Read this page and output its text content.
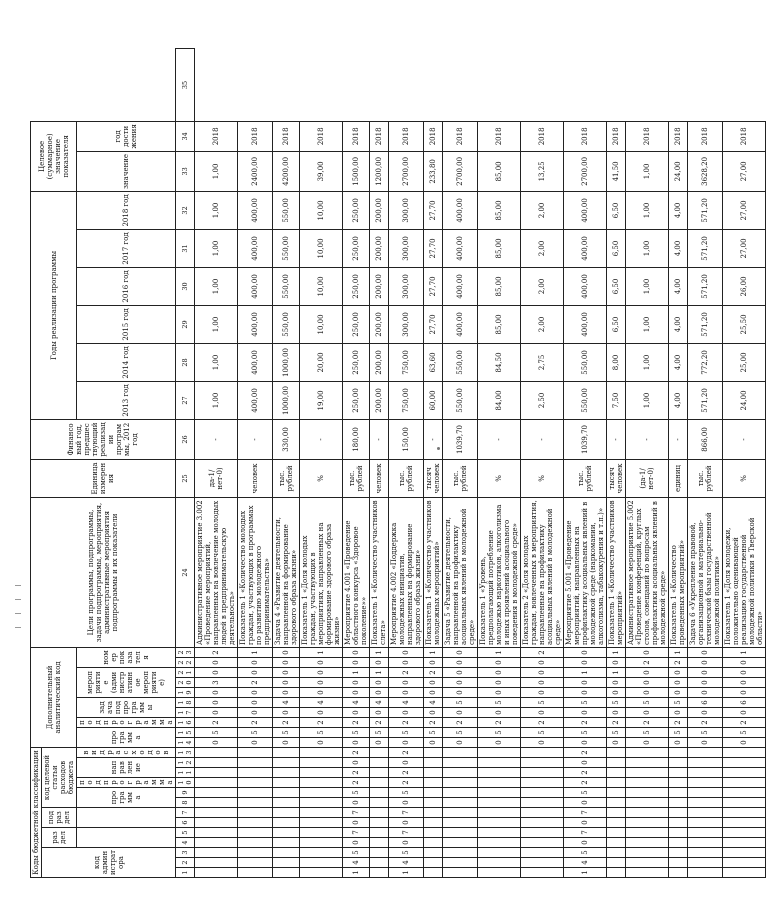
Коды бюджетной классификации													Дополнительный аналитический код										Цели программы, подпрограммы, задачи подпрограммы, мероприятия, административные мероприятия подпрограммы и их показатели	Единица измерения	Финансовый год, предшествующий реализации программы, 2012 год	Годы реализации программы						Целевое (суммарное) значение показателя		
код администратора			раздел		подраздел		код целевой статьи расходов бюджета																											
							программа		подпрограмма	направление		вид расходов	программа		подпрограмма	задача подпрограммы		мероприятие (административное мероприятие)			номер показателя					2013 год	2014 год	2015 год	2016 год	2017 год	2018 год	значение	год достижения	
1	2	3	4	5	6	7	8	9	10	11	12	13	14	15	16	17	18	19	20	21	22	23	24	25	26	27	28	29	30	31	32	33	34	35
													0	5	2	0	0	0	3	0	0	2	Административное мероприятие 3.002 «Проведение мероприятий, направленных на вовлечение молодых людей в предпринимательскую деятельность»	да-1/нет-0)	-	1,00	1,00	1,00	1,00	1,00	1,00	1,00	2018	
													0	5	2	0	0	0	2	0	0	1	Показатель 1 «Количество молодых граждан, участвующих в программах по развитию молодежного предпринимательства»	человек	-	400,00	400,00	400,00	400,00	400,00	400,00	2400,00	2018	
													0	5	2	0	4	0	0	0	0	0	Задача 4 «Развитие деятельности, направленной на формирование здорового образа жизни»	тыс. рублей	330,00	1000,00	1000,00	550,00	550,00	550,00	550,00	4200,00	2018	
													0	5	2	0	4	0	0	0	0	1	Показатель 1 «Доля молодых граждан, участвующих в мероприятиях, направленных на формирование здорового образа жизни»	%	-	19,00	20,00	10,00	10,00	10,00	10,00	39,00	2018	
1	4	5	0	7	0	7	0	5	2	2	0	2	0	5	2	0	4	0	0	1	0	0	Мероприятие 4.001 «Проведение областного конкурса «Здоровое поколение»»	тыс. рублей	180,00	250,00	250,00	250,00	250,00	250,00	250,00	1500,00	2018	
													0	5	2	0	4	0	0	1	0	1	Показатель 1 «Количество участников слета»	человек	-	200,00	200,00	200,00	200,00	200,00	200,00	1200,00	2018	
1	4	5	0	7	0	7	0	5	2	2	0	2	0	5	2	0	4	0	0	2	0	0	Мероприятие 4.002 «Поддержка молодежных инициатив, направленных на формирование здорового образа жизни»	тыс. рублей	150,00	750,00	750,00	300,00	300,00	300,00	300,00	2700,00	2018	
													0	5	2	0	4	0	0	2	0	1	Показатель 1 «Количество участников молодежных мероприятий»	тысяч человек	-	60,00	63,60	27,70	27,70	27,70	27,70	233,80	2018	
													0	5	2	0	5	0	0	0	0	0	Задача 5 «Развитие деятельности, направленной на профилактику асоциальных явлений в молодежной среде»	тыс. рублей	1039,70	550,00	550,00	400,00	400,00	400,00	400,00	2700,00	2018	
													0	5	2	0	5	0	0	0	0	1	Показатель 1 «Уровень, предполагающий потребление молодежью наркотиков, алкоголизма и иных проявлений асоциального поведения в молодежной среде»	%	-	84,00	84,50	85,00	85,00	85,00	85,00	85,00	2018	
													0	5	2	0	5	0	0	0	0	2	Показатель 2 «Доля молодых граждан, вовлеченных в мероприятия, направленные на профилактику асоциальных явлений в молодежной среде»	%	-	2,50	2,75	2,00	2,00	2,00	2,00	13,25	2018	
1	4	5	0	7	0	7	0	5	2	2	0	2	0	5	2	0	5	0	0	1	0	0	Мероприятие 5.001 «Проведение мероприятий, направленных на профилактику асоциальных явлений в молодежной среде (наркомании, алкоголизма, табакокурения и т.п.)»	тыс. рублей	1039,70	550,00	550,00	400,00	400,00	400,00	400,00	2700,00	2018	
													0	5	2	0	5	0	0	1	0	1	Показатель 1 «Количество участников мероприятий»	тысяч человек	-	7,50	8,00	6,50	6,50	6,50	6,50	41,50	2018	
													0	5	2	0	5	0	0	0	2	0	Административное мероприятие 5.002 «Проведение конференций, круглых столов, совещаний по вопросам профилактики асоциальных явлений в молодежной среде»	(да-1/нет-0)	-	1,00	1,00	1,00	1,00	1,00	1,00	1,00	2018	
													0	5	2	0	5	0	0	0	2	1	Показатель 1 «Количество проведенных мероприятий»	единиц	-	4,00	4,00	4,00	4,00	4,00	4,00	24,00	2018	
													0	5	2	0	6	0	0	0	0	0	Задача 6 «Укрепление правовой, организационной и материально-технической базы государственной молодежной политики»	тыс. рублей	866,00	571,20	772,20	571,20	571,20	571,20	571,20	3628,20	2018	
													0	5	2	0	6	0	0	0	0	1	Показатель 1 «Доля молодежи, положительно оценивающей реализацию государственной молодежной политики в Тверской области»	%	-	24,00	25,00	25,50	26,00	27,00	27,00	27,00	2018	
